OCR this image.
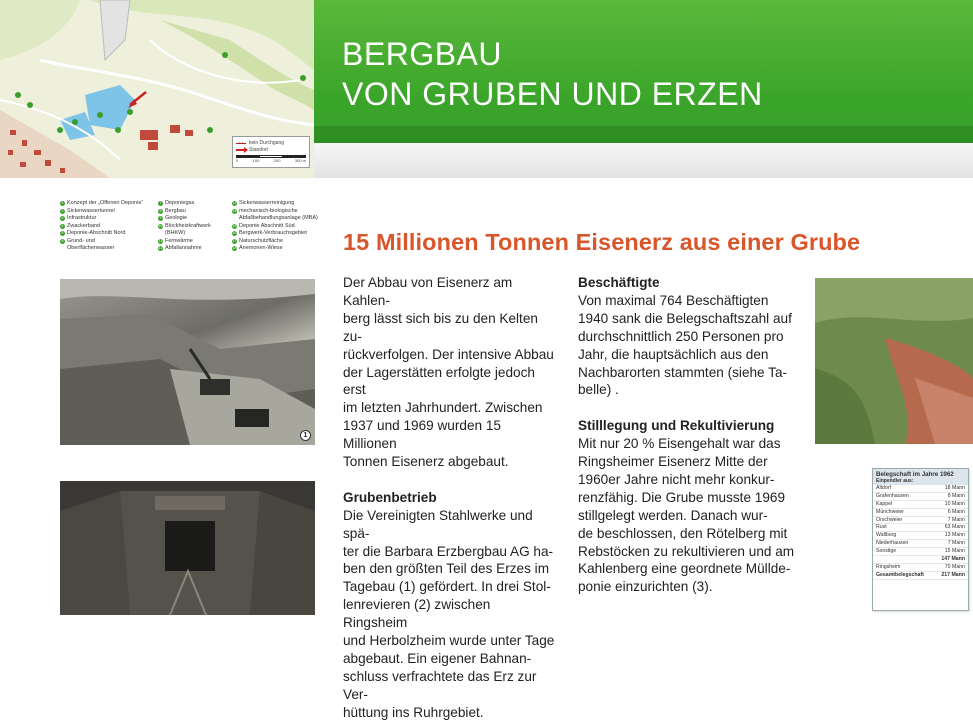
kein Durchgang
Standort
0	100	200	300 m
BERGBAU
VON GRUBEN UND ERZEN
1 Konzept der „Offenen Deponie“
2 Sickerwassertunnel
3 Infrastruktur
4 Zwackerband
5 Deponie-Abschnitt Nord
6 Grund- und
Oberflächenwasser
7 Deponiegas
8 Bergbau
9 Geologie
10 Blockheizkraftwerk
(BHKW)
11 Fernwärme
12 Abfallannahme
13 Sickerwasserreinigung
14 mechanisch-biologische
Abfallbehandlungsanlage (MBA)
15 Deponie Abschnitt Süd
16 Bergwerk-Verbrauchsgebiet
17 Naturschutzfläche
18 Anemonen-Wiese	15 Millionen Tonnen Eisenerz aus einer Grube
1

Der Abbau von Eisenerz am Kahlen-

berg lässt sich bis zu den Kelten zu-

rückverfolgen. Der intensive Abbau

der Lagerstätten erfolgte jedoch erst

im letzten Jahrhundert. Zwischen

1937 und 1969 wurden 15 Millionen

Tonnen Eisenerz abgebaut.

Grubenbetrieb

Die Vereinigten Stahlwerke und spä-

ter die Barbara Erzbergbau AG ha-

ben den größten Teil des Erzes im

Tagebau (1) gefördert. In drei Stol-

lenrevieren (2) zwischen Ringsheim

und Herbolzheim wurde unter Tage

abgebaut. Ein eigener Bahnan-

schluss verfrachtete das Erz zur Ver-

hüttung ins Ruhrgebiet.

Beschäftigte

Von maximal 764 Beschäftigten

1940 sank die Belegschaftszahl auf

durchschnittlich 250 Personen pro

Jahr, die hauptsächlich aus den

Nachbarorten stammten (siehe Ta-

belle) .

Stilllegung und Rekultivierung

Mit nur 20 % Eisengehalt war das

Ringsheimer Eisenerz Mitte der

1960er Jahre nicht mehr konkur-

renzfähig. Die Grube musste 1969

stillgelegt werden. Danach wur-

de beschlossen, den Rötelberg mit

Rebstöcken zu rekultivieren und am

Kahlenberg eine geordnete Mülldе-

ponie einzurichten (3).

Belegschaft im Jahre 1962
Einpendler aus:
Altdorf	18 Mann
Grafenhausen	8 Mann
Kappel	10 Mann
Münchweier	6 Mann
Orschweier	7 Mann
Rust	63 Mann
Wallburg	13 Mann
Niederhausen	7 Mann
Sonstige	15 Mann
147 Mann
Ringsheim	70 Mann
Gesamtbelegschaft	217 Mann
